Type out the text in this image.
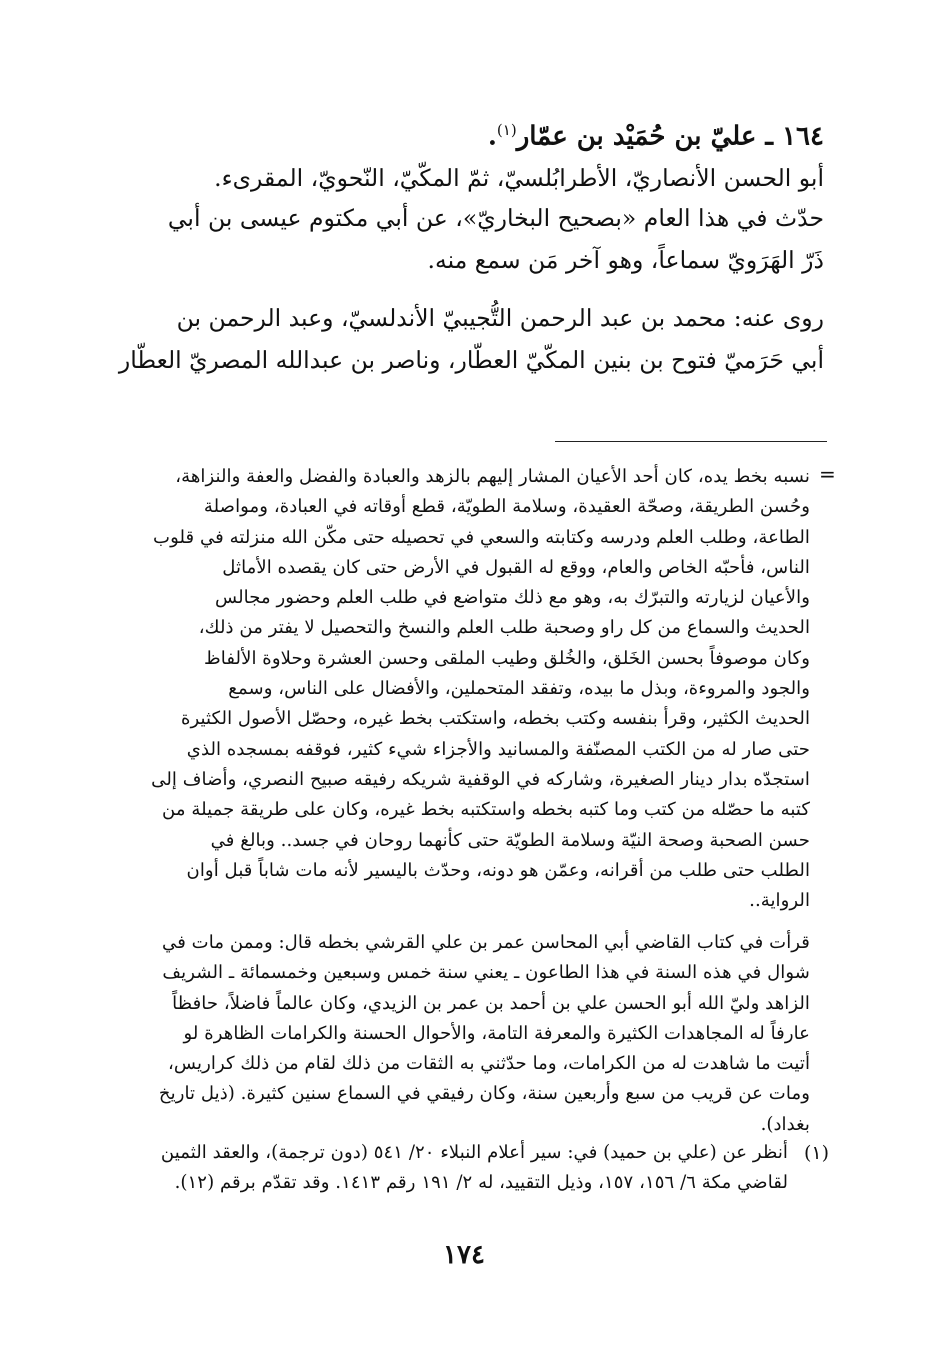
١٦٤ ـ عليّ بن حُمَيْد بن عمّار$^{(١)}$.
أبو الحسن الأنصاريّ، الأطرابُلسيّ، ثمّ المكّيّ، النّحويّ، المقرىء.
حدّث في هذا العام «بصحيح البخاريّ»، عن أبي مكتوم عيسى بن أبي
ذَرّ الهَرَويّ سماعاً، وهو آخر مَن سمع منه.
روى عنه: محمد بن عبد الرحمن التُّجيبيّ الأندلسيّ، وعبد الرحمن بن
أبي حَرَميّ فتوح بن بنين المكّيّ العطّار، وناصر بن عبدالله المصريّ العطّار
=
نسبه بخط يده، كان أحد الأعيان المشار إليهم بالزهد والعبادة والفضل والعفة والنزاهة،
وحُسن الطريقة، وصحّة العقيدة، وسلامة الطويّة، قطع أوقاته في العبادة، ومواصلة
الطاعة، وطلب العلم ودرسه وكتابته والسعي في تحصيله حتى مكّن الله منزلته في قلوب
الناس، فأحبّه الخاص والعام، ووقع له القبول في الأرض حتى كان يقصده الأماثل
والأعيان لزيارته والتبرّك به، وهو مع ذلك متواضع في طلب العلم وحضور مجالس
الحديث والسماع من كل راو وصحبة طلب العلم والنسخ والتحصيل لا يفتر من ذلك،
وكان موصوفاً بحسن الخَلق، والخُلق وطيب الملقى وحسن العشرة وحلاوة الألفاظ
والجود والمروءة، وبذل ما بيده، وتفقد المتحملين، والأفضال على الناس، وسمع
الحديث الكثير، وقرأ بنفسه وكتب بخطه، واستكتب بخط غيره، وحصّل الأصول الكثيرة
حتى صار له من الكتب المصنّفة والمسانيد والأجزاء شيء كثير، فوقفه بمسجده الذي
استجدّه بدار دينار الصغيرة، وشاركه في الوقفية شريكه رفيقه صبيح النصري، وأضاف إلى
كتبه ما حصّله من كتب وما كتبه بخطه واستكتبه بخط غيره، وكان على طريقة جميلة من
حسن الصحبة وصحة النيّة وسلامة الطويّة حتى كأنهما روحان في جسد.. وبالغ في
الطلب حتى طلب من أقرانه، وعمّن هو دونه، وحدّث باليسير لأنه مات شاباً قبل أوان
الرواية..
قرأت في كتاب القاضي أبي المحاسن عمر بن علي القرشي بخطه قال: وممن مات في
شوال في هذه السنة في هذا الطاعون ـ يعني سنة خمس وسبعين وخمسمائة ـ الشريف
الزاهد وليّ الله أبو الحسن علي بن أحمد بن عمر بن الزيدي، وكان عالماً فاضلاً، حافظاً
عارفاً له المجاهدات الكثيرة والمعرفة التامة، والأحوال الحسنة والكرامات الظاهرة لو
أتيت ما شاهدت له من الكرامات، وما حدّثني به الثقات من ذلك لقام من ذلك كراريس،
ومات عن قريب من سبع وأربعين سنة، وكان رفيقي في السماع سنين كثيرة. (ذيل تاريخ
بغداد).
(١)
أنظر عن (علي بن حميد) في: سير أعلام النبلاء ٢٠/ ٥٤١ (دون ترجمة)، والعقد الثمين
لقاضي مكة ٦/ ١٥٦، ١٥٧، وذيل التقييد، له ٢/ ١٩١ رقم ١٤١٣. وقد تقدّم برقم (١٢).
١٧٤
